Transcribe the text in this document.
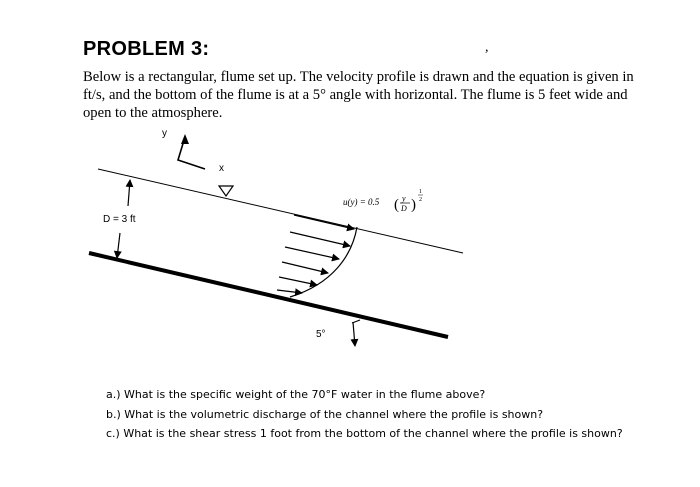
PROBLEM 3:	,

Below is a rectangular, flume set up. The velocity profile is drawn and the equation is given in ft/s, and the bottom of the flume is at a 5° angle with horizontal. The flume is 5 feet wide and open to the atmosphere.

y
x
D = 3 ft
u(y) = 0.5 ( y
D )
1
2
5°
a.) What is the specific weight of the 70°F water in the flume above?
b.) What is the volumetric discharge of the channel where the profile is shown?
c.) What is the shear stress 1 foot from the bottom of the channel where the profile is shown?
